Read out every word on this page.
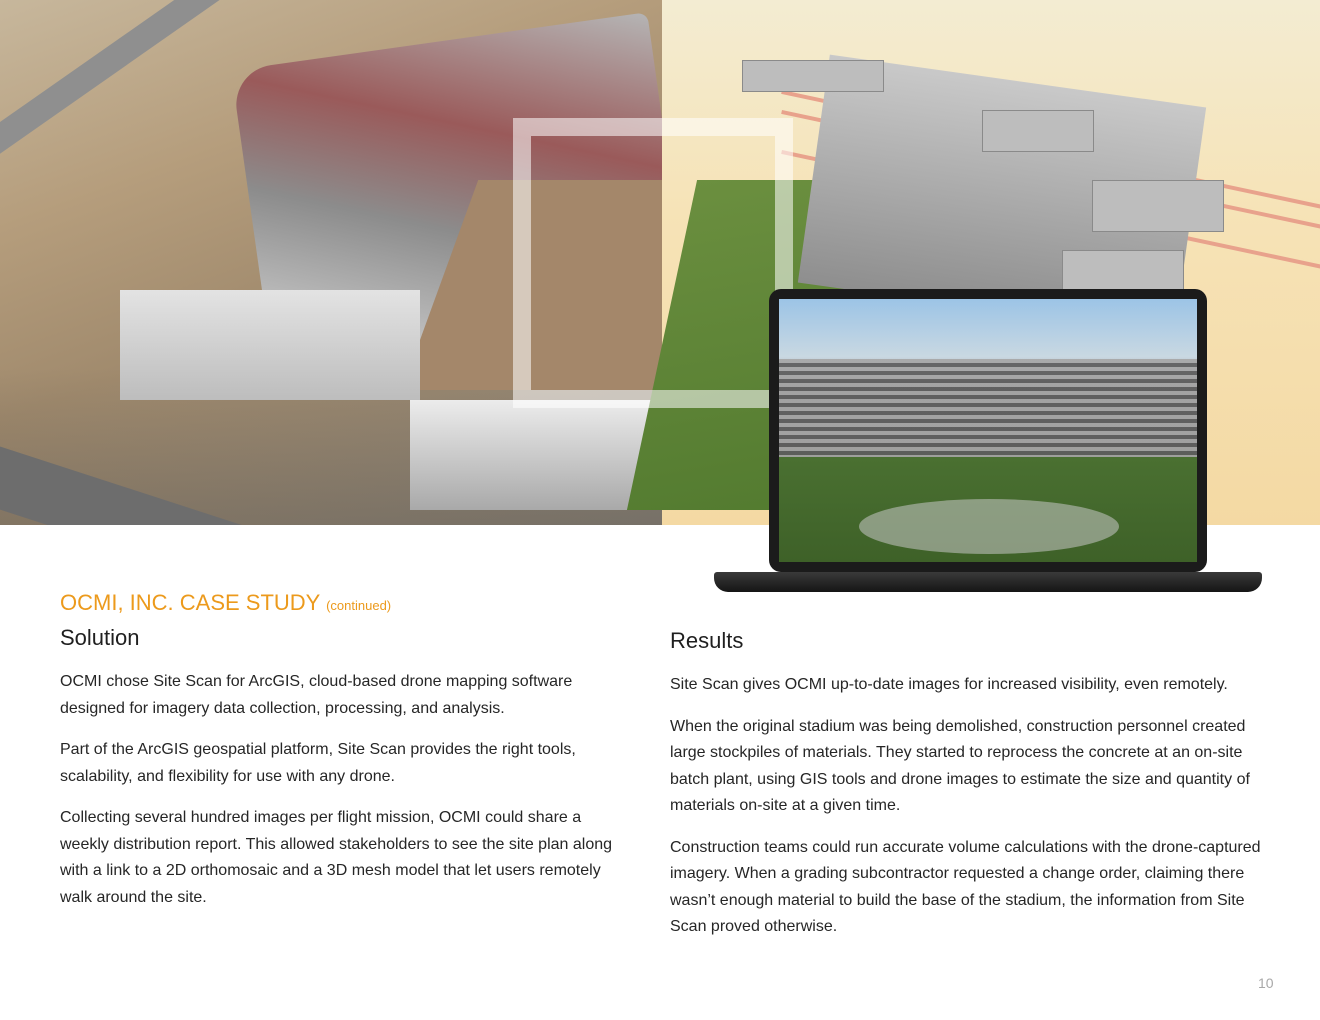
OCMI, INC. CASE STUDY (continued)
Solution

OCMI chose Site Scan for ArcGIS, cloud-based drone mapping software designed for imagery data collection, processing, and analysis.

Part of the ArcGIS geospatial platform, Site Scan provides the right tools, scalability, and flexibility for use with any drone.

Collecting several hundred images per flight mission, OCMI could share a weekly distribution report. This allowed stakeholders to see the site plan along with a link to a 2D orthomosaic and a 3D mesh model that let users remotely walk around the site.

Results

Site Scan gives OCMI up-to-date images for increased visibility, even remotely.

When the original stadium was being demolished, construction personnel created large stockpiles of materials. They started to reprocess the concrete at an on-site batch plant, using GIS tools and drone images to estimate the size and quantity of materials on-site at a given time.

Construction teams could run accurate volume calculations with the drone-captured imagery. When a grading subcontractor requested a change order, claiming there wasn’t enough material to build the base of the stadium, the information from Site Scan proved otherwise.

10
